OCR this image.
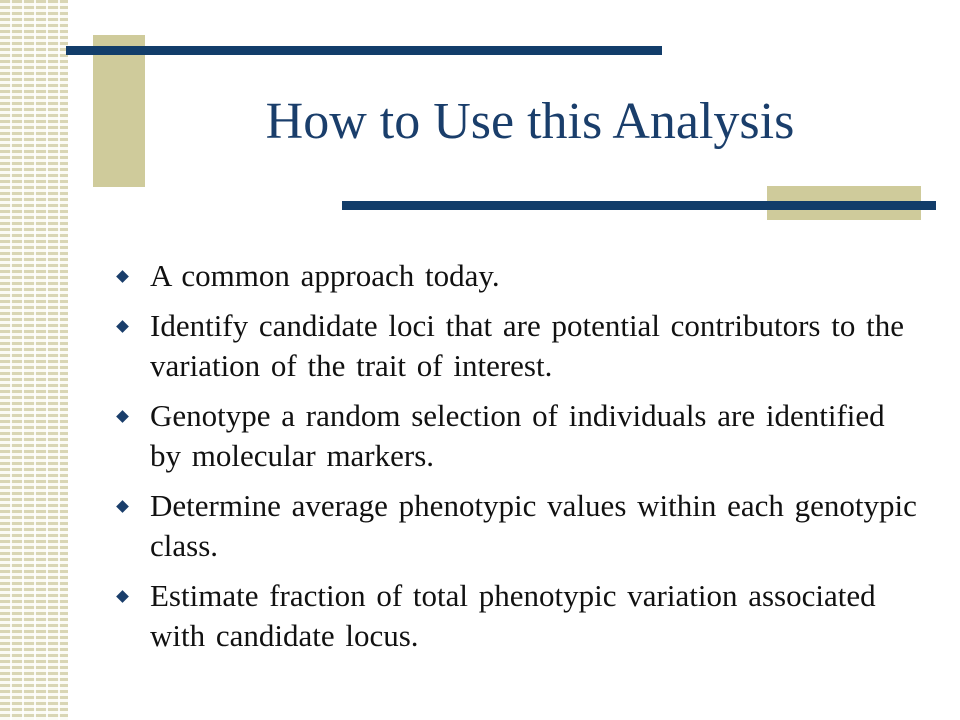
How to Use this Analysis
A common approach today.
Identify candidate loci that are potential contributors to the variation of the trait of interest.
Genotype a random selection of individuals are identified by molecular markers.
Determine average phenotypic values within each genotypic class.
Estimate fraction of total phenotypic variation associated with candidate locus.
